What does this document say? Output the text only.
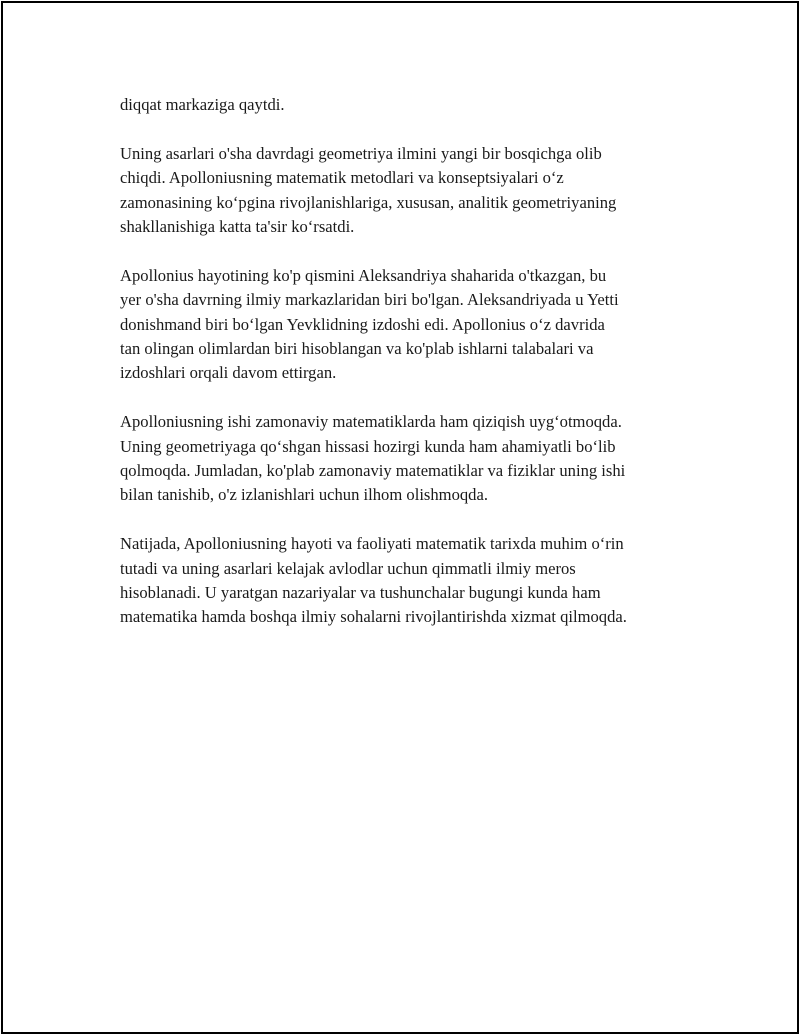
diqqat markaziga qaytdi.

Uning asarlari o'sha davrdagi geometriya ilmini yangi bir bosqichga olib
chiqdi. Apolloniusning matematik metodlari va konseptsiyalari o‘z
zamonasining ko‘pgina rivojlanishlariga, xususan, analitik geometriyaning
shakllanishiga katta ta'sir ko‘rsatdi.

Apollonius hayotining ko'p qismini Aleksandriya shaharida o'tkazgan, bu
yer o'sha davrning ilmiy markazlaridan biri bo'lgan. Aleksandriyada u Yetti
donishmand biri bo‘lgan Yevklidning izdoshi edi. Apollonius o‘z davrida
tan olingan olimlardan biri hisoblangan va ko'plab ishlarni talabalari va
izdoshlari orqali davom ettirgan.

Apolloniusning ishi zamonaviy matematiklarda ham qiziqish uyg‘otmoqda.
Uning geometriyaga qo‘shgan hissasi hozirgi kunda ham ahamiyatli bo‘lib
qolmoqda. Jumladan, ko'plab zamonaviy matematiklar va fiziklar uning ishi
bilan tanishib, o'z izlanishlari uchun ilhom olishmoqda.

Natijada, Apolloniusning hayoti va faoliyati matematik tarixda muhim o‘rin
tutadi va uning asarlari kelajak avlodlar uchun qimmatli ilmiy meros
hisoblanadi. U yaratgan nazariyalar va tushunchalar bugungi kunda ham
matematika hamda boshqa ilmiy sohalarni rivojlantirishda xizmat qilmoqda.
